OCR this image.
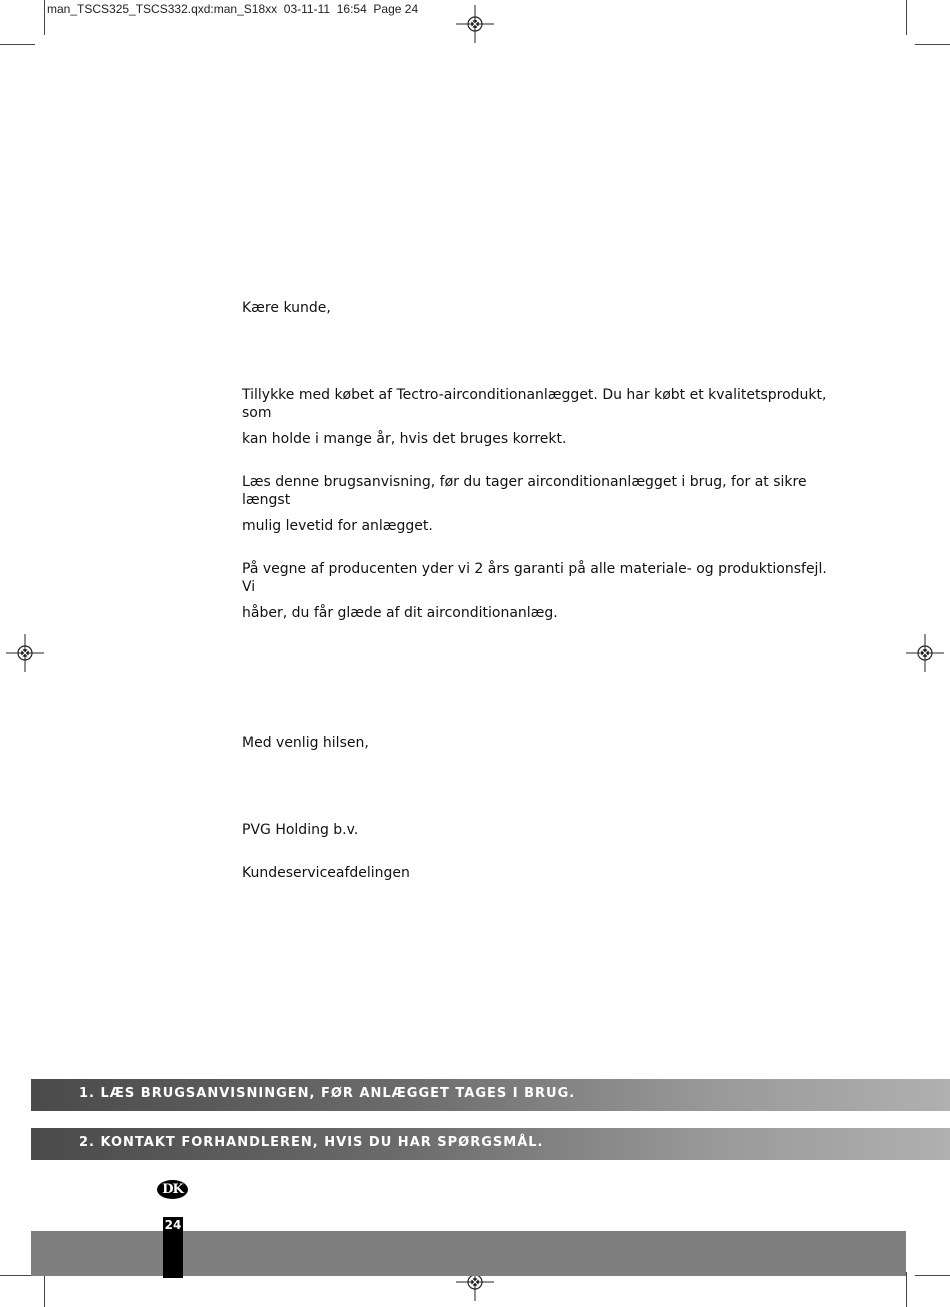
man_TSCS325_TSCS332.qxd:man_S18xx  03-11-11  16:54  Page 24
Kære kunde,
Tillykke med købet af Tectro-airconditionanlægget. Du har købt et kvalitetsprodukt, som
kan holde i mange år, hvis det bruges korrekt.
Læs denne brugsanvisning, før du tager airconditionanlægget i brug, for at sikre længst
mulig levetid for anlægget.
På vegne af producenten yder vi 2 års garanti på alle materiale- og produktionsfejl. Vi
håber, du får glæde af dit airconditionanlæg.
Med venlig hilsen,
PVG Holding b.v.
Kundeserviceafdelingen
1. LÆS BRUGSANVISNINGEN, FØR ANLÆGGET TAGES I BRUG.
2. KONTAKT FORHANDLEREN, HVIS DU HAR SPØRGSMÅL.
DK
24
